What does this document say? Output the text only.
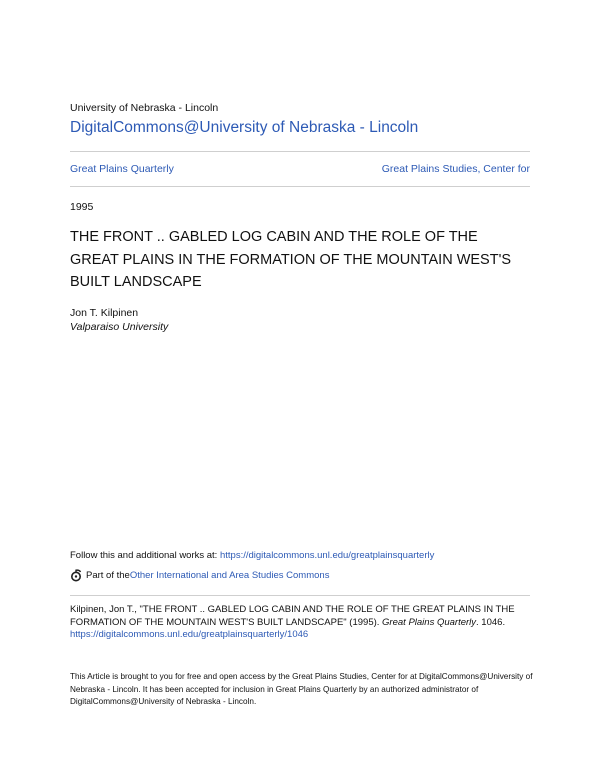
University of Nebraska - Lincoln
DigitalCommons@University of Nebraska - Lincoln
Great Plains Quarterly	Great Plains Studies, Center for
1995
THE FRONT .. GABLED LOG CABIN AND THE ROLE OF THE GREAT PLAINS IN THE FORMATION OF THE MOUNTAIN WEST'S BUILT LANDSCAPE
Jon T. Kilpinen
Valparaiso University
Follow this and additional works at: https://digitalcommons.unl.edu/greatplainsquarterly
Part of the Other International and Area Studies Commons
Kilpinen, Jon T., "THE FRONT .. GABLED LOG CABIN AND THE ROLE OF THE GREAT PLAINS IN THE FORMATION OF THE MOUNTAIN WEST'S BUILT LANDSCAPE" (1995). Great Plains Quarterly. 1046.
https://digitalcommons.unl.edu/greatplainsquarterly/1046
This Article is brought to you for free and open access by the Great Plains Studies, Center for at DigitalCommons@University of Nebraska - Lincoln. It has been accepted for inclusion in Great Plains Quarterly by an authorized administrator of DigitalCommons@University of Nebraska - Lincoln.
